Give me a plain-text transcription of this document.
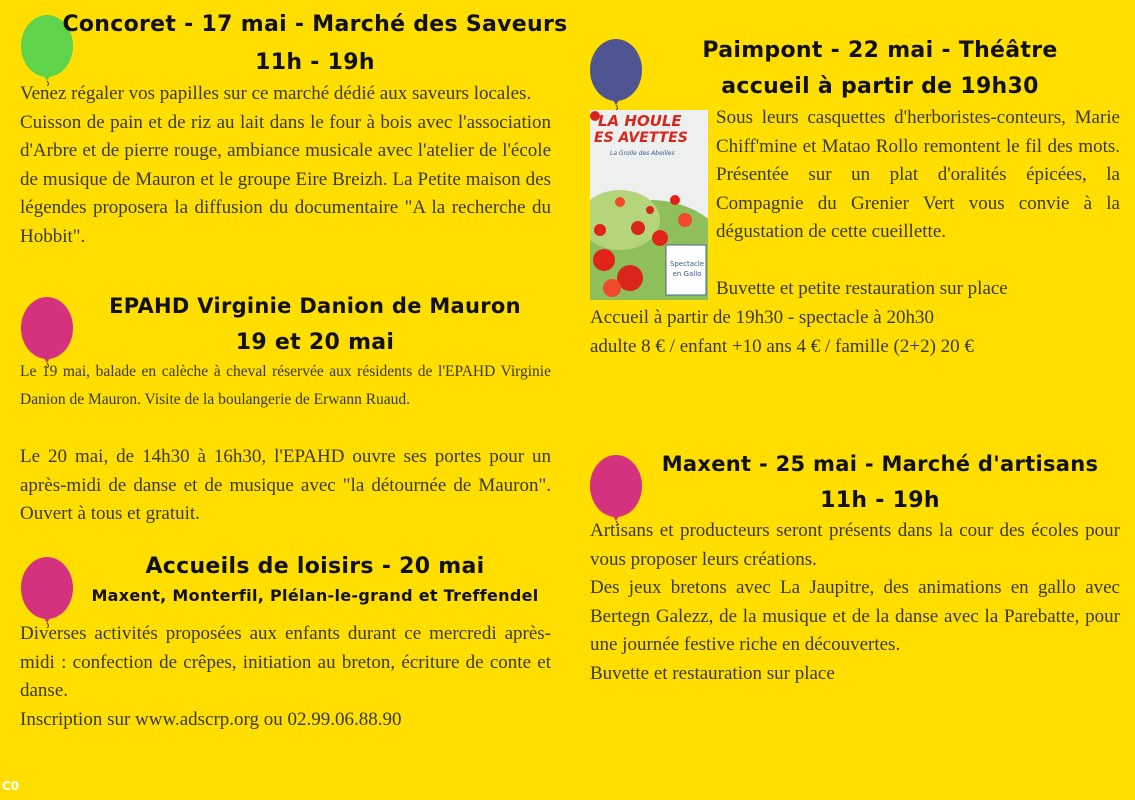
Concoret - 17 mai - Marché des Saveurs
11h - 19h

Venez régaler vos papilles sur ce marché dédié aux saveurs locales.

Cuisson de pain et de riz au lait dans le four à bois avec l'association d'Arbre et de pierre rouge, ambiance musicale avec l'atelier de l'école de musique de Mauron et le groupe Eire Breizh. La Petite maison des légendes proposera la diffusion du documentaire "A la recherche du Hobbit".

EPAHD Virginie Danion de Mauron
19 et 20 mai
Le 19 mai, balade en calèche à cheval réservée aux résidents de l'EPAHD Virginie Danion de Mauron. Visite de la boulangerie de Erwann Ruaud.
Le 20 mai, de 14h30 à 16h30, l'EPAHD ouvre ses portes pour un après-midi de danse et de musique avec "la détournée de Mauron". Ouvert à tous et gratuit.
Accueils de loisirs - 20 mai
Maxent, Monterfil, Plélan-le-grand et Treffendel

Diverses activités proposées aux enfants durant ce mercredi après-midi : confection de crêpes, initiation au breton, écriture de conte et danse.

Inscription sur www.adscrp.org ou 02.99.06.88.90

Paimpont - 22 mai - Théâtre
accueil à partir de 19h30
LA HOULE
ES AVETTES
La Grolle des Abeilles
Spectacle
en Gallo
Sous leurs casquettes d'herboristes-conteurs, Marie Chiff'mine et Matao Rollo remontent le fil des mots. Présentée sur un plat d'oralités épicées, la Compagnie du Grenier Vert vous convie à la dégustation de cette cueillette.
Buvette et petite restauration sur place
Accueil à partir de 19h30 - spectacle à 20h30
adulte 8 € / enfant +10 ans 4 € / famille (2+2) 20 €
Maxent - 25 mai - Marché d'artisans
11h - 19h

Artisans et producteurs seront présents dans la cour des écoles pour vous proposer leurs créations.

Des jeux bretons avec La Jaupitre, des animations en gallo avec Bertegn Galezz, de la musique et de la danse avec la Parebatte, pour une journée festive riche en découvertes.

Buvette et restauration sur place

C0
